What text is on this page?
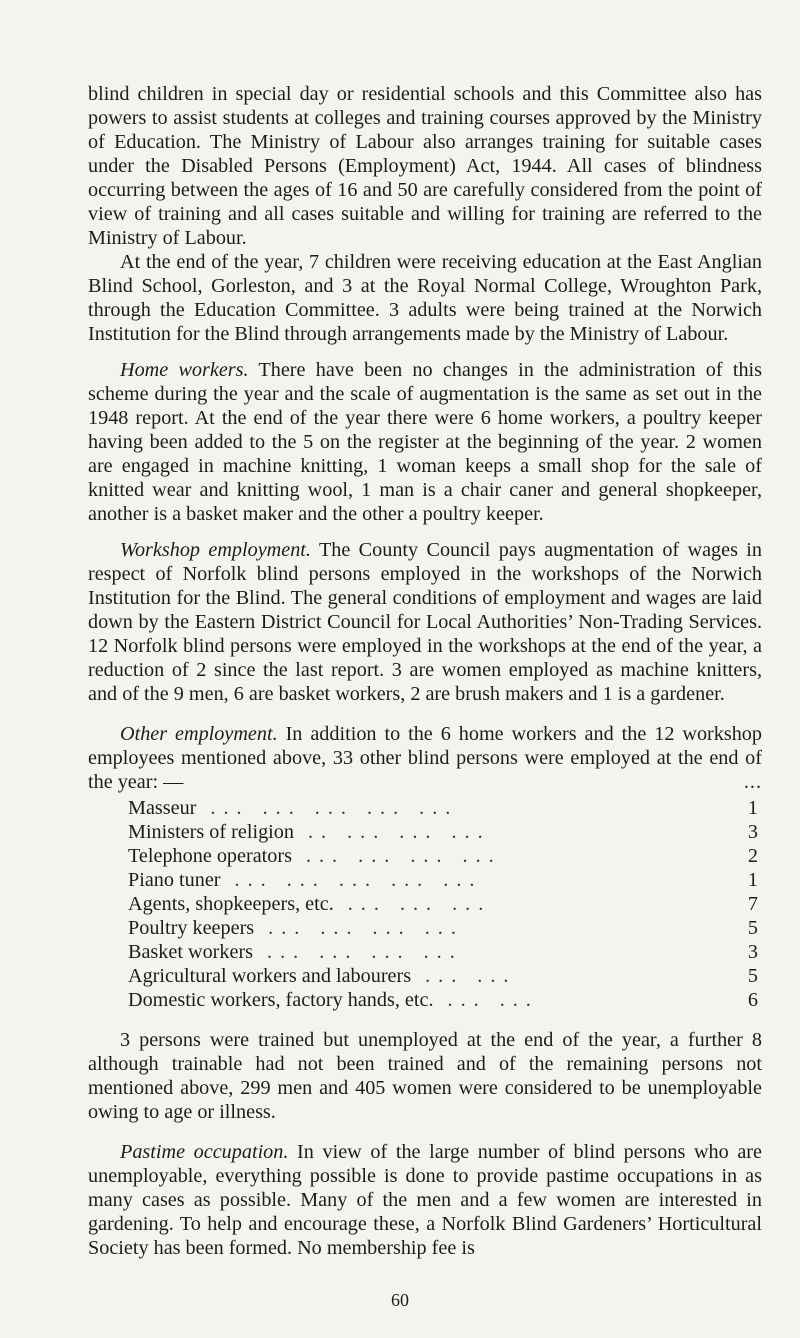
blind children in special day or residential schools and this Committee also has powers to assist students at colleges and training courses approved by the Ministry of Education. The Ministry of Labour also arranges training for suitable cases under the Disabled Persons (Employment) Act, 1944. All cases of blindness occurring between the ages of 16 and 50 are carefully considered from the point of view of training and all cases suitable and willing for training are referred to the Ministry of Labour.

At the end of the year, 7 children were receiving education at the East Anglian Blind School, Gorleston, and 3 at the Royal Normal College, Wroughton Park, through the Education Committee. 3 adults were being trained at the Norwich Institution for the Blind through arrangements made by the Ministry of Labour.

Home workers. There have been no changes in the administration of this scheme during the year and the scale of augmentation is the same as set out in the 1948 report. At the end of the year there were 6 home workers, a poultry keeper having been added to the 5 on the register at the beginning of the year. 2 women are engaged in machine knitting, 1 woman keeps a small shop for the sale of knitted wear and knitting wool, 1 man is a chair caner and general shopkeeper, another is a basket maker and the other a poultry keeper.

Workshop employment. The County Council pays augmentation of wages in respect of Norfolk blind persons employed in the workshops of the Norwich Institution for the Blind. The general conditions of employment and wages are laid down by the Eastern District Council for Local Authorities’ Non-Trading Services. 12 Norfolk blind persons were employed in the workshops at the end of the year, a reduction of 2 since the last report. 3 are women employed as machine knitters, and of the 9 men, 6 are basket workers, 2 are brush makers and 1 is a gardener.

Other employment. In addition to the 6 home workers and the 12 workshop employees mentioned above, 33 other blind persons were employed at the end of the year: —	...

Masseur ... ... ... ... ...	1
Ministers of religion .. ... ... ...	3
Telephone operators ... ... ... ...	2
Piano tuner ... ... ... ... ...	1
Agents, shopkeepers, etc. ... ... ...	7
Poultry keepers ... ... ... ...	5
Basket workers ... ... ... ...	3
Agricultural workers and labourers ... ...	5
Domestic workers, factory hands, etc. ... ...	6

3 persons were trained but unemployed at the end of the year, a further 8 although trainable had not been trained and of the remaining persons not mentioned above, 299 men and 405 women were considered to be unemployable owing to age or illness.

Pastime occupation. In view of the large number of blind persons who are unemployable, everything possible is done to provide pastime occupations in as many cases as possible. Many of the men and a few women are interested in gardening. To help and encourage these, a Norfolk Blind Gardeners’ Horticultural Society has been formed. No membership fee is

60
